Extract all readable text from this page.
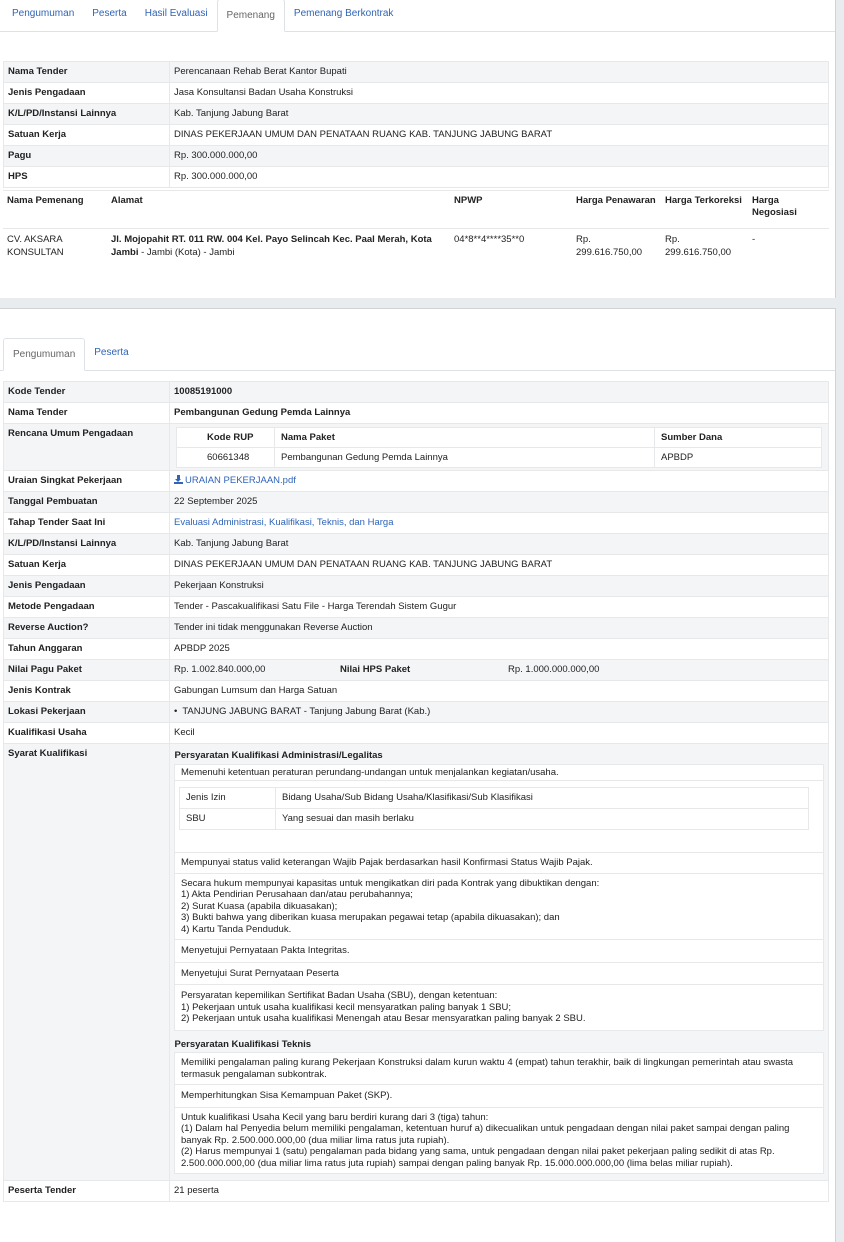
Pengumuman	Peserta	Hasil Evaluasi	Pemenang	Pemenang Berkontrak
Nama Tender	Perencanaan Rehab Berat Kantor Bupati
Jenis Pengadaan	Jasa Konsultansi Badan Usaha Konstruksi
K/L/PD/Instansi Lainnya	Kab. Tanjung Jabung Barat
Satuan Kerja	DINAS PEKERJAAN UMUM DAN PENATAAN RUANG KAB. TANJUNG JABUNG BARAT
Pagu	Rp. 300.000.000,00
HPS	Rp. 300.000.000,00
Nama Pemenang	Alamat	NPWP	Harga Penawaran	Harga Terkoreksi	Harga Negosiasi
CV. AKSARA KONSULTAN	Jl. Mojopahit RT. 011 RW. 004 Kel. Payo Selincah Kec. Paal Merah, Kota Jambi - Jambi (Kota) - Jambi	04*8**4****35**0	Rp. 299.616.750,00	Rp. 299.616.750,00	-
Pengumuman	Peserta
Kode Tender	10085191000
Nama Tender	Pembangunan Gedung Pemda Lainnya
Rencana Umum Pengadaan		Kode RUP	Nama Paket	Sumber Dana
60661348	Pembangunan Gedung Pemda Lainnya	APBDP

Uraian Singkat Pekerjaan	URAIAN PEKERJAAN.pdf
Tanggal Pembuatan	22 September 2025
Tahap Tender Saat Ini	Evaluasi Administrasi, Kualifikasi, Teknis, dan Harga
K/L/PD/Instansi Lainnya	Kab. Tanjung Jabung Barat
Satuan Kerja	DINAS PEKERJAAN UMUM DAN PENATAAN RUANG KAB. TANJUNG JABUNG BARAT
Jenis Pengadaan	Pekerjaan Konstruksi
Metode Pengadaan	Tender - Pascakualifikasi Satu File - Harga Terendah Sistem Gugur
Reverse Auction?	Tender ini tidak menggunakan Reverse Auction
Tahun Anggaran	APBDP 2025
Nilai Pagu Paket	Rp. 1.002.840.000,00	Nilai HPS Paket	Rp. 1.000.000.000,00

Jenis Kontrak	Gabungan Lumsum dan Harga Satuan
Lokasi Pekerjaan	• TANJUNG JABUNG BARAT - Tanjung Jabung Barat (Kab.)
Kualifikasi Usaha	Kecil
Syarat Kualifikasi		Persyaratan Kualifikasi Administrasi/Legalitas
Memenuhi ketentuan peraturan perundang-undangan untuk menjalankan kegiatan/usaha.

Jenis Izin	Bidang Usaha/Sub Bidang Usaha/Klasifikasi/Sub Klasifikasi
SBU	Yang sesuai dan masih berlaku

Mempunyai status valid keterangan Wajib Pajak berdasarkan hasil Konfirmasi Status Wajib Pajak.
Secara hukum mempunyai kapasitas untuk mengikatkan diri pada Kontrak yang dibuktikan dengan:
1) Akta Pendirian Perusahaan dan/atau perubahannya;
2) Surat Kuasa (apabila dikuasakan);
3) Bukti bahwa yang diberikan kuasa merupakan pegawai tetap (apabila dikuasakan); dan
4) Kartu Tanda Penduduk.
Menyetujui Pernyataan Pakta Integritas.
Menyetujui Surat Pernyataan Peserta
Persyaratan kepemilikan Sertifikat Badan Usaha (SBU), dengan ketentuan:
1) Pekerjaan untuk usaha kualifikasi kecil mensyaratkan paling banyak 1 SBU;
2) Pekerjaan untuk usaha kualifikasi Menengah atau Besar mensyaratkan paling banyak 2 SBU.
Persyaratan Kualifikasi Teknis
Memiliki pengalaman paling kurang Pekerjaan Konstruksi dalam kurun waktu 4 (empat) tahun terakhir, baik di lingkungan pemerintah atau swasta termasuk pengalaman subkontrak.
Memperhitungkan Sisa Kemampuan Paket (SKP).
Untuk kualifikasi Usaha Kecil yang baru berdiri kurang dari 3 (tiga) tahun:
(1) Dalam hal Penyedia belum memiliki pengalaman, ketentuan huruf a) dikecualikan untuk pengadaan dengan nilai paket sampai dengan paling banyak Rp. 2.500.000.000,00 (dua miliar lima ratus juta rupiah).
(2) Harus mempunyai 1 (satu) pengalaman pada bidang yang sama, untuk pengadaan dengan nilai paket pekerjaan paling sedikit di atas Rp. 2.500.000.000,00 (dua miliar lima ratus juta rupiah) sampai dengan paling banyak Rp. 15.000.000.000,00 (lima belas miliar rupiah).

Peserta Tender	21 peserta
